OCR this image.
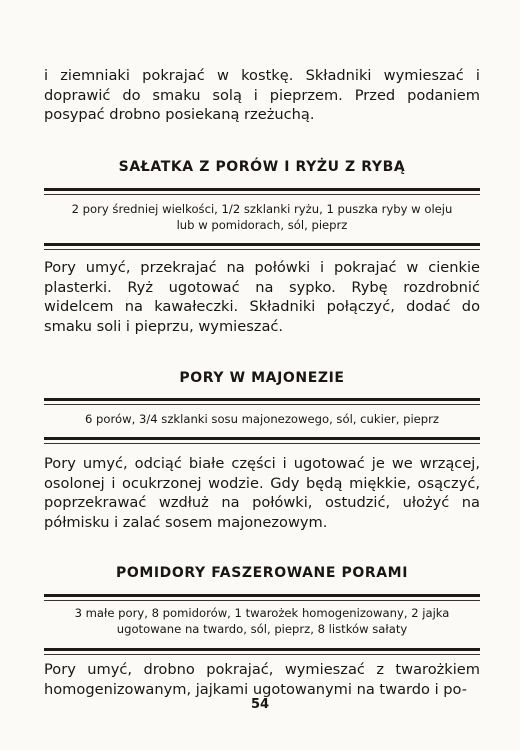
i ziemniaki pokrajać w kostkę. Składniki wymieszać i doprawić do smaku solą i pieprzem. Przed podaniem posypać drobno posiekaną rzeżuchą.

SAŁATKA Z PORÓW I RYŻU Z RYBĄ

2 pory średniej wielkości, 1/2 szklanki ryżu, 1 puszka ryby w oleju

lub w pomidorach, sól, pieprz

Pory umyć, przekrajać na połówki i pokrajać w cienkie plasterki. Ryż ugotować na sypko. Rybę rozdrobnić widelcem na kawałeczki. Składniki połączyć, dodać do smaku soli i pieprzu, wymieszać.

PORY W MAJONEZIE

6 porów, 3/4 szklanki sosu majonezowego, sól, cukier, pieprz

Pory umyć, odciąć białe części i ugotować je we wrzącej, osolonej i ocukrzonej wodzie. Gdy będą miękkie, osączyć, poprzekrawać wzdłuż na połówki, ostudzić, ułożyć na półmisku i zalać sosem majonezowym.

POMIDORY FASZEROWANE PORAMI

3 małe pory, 8 pomidorów, 1 twarożek homogenizowany, 2 jajka

ugotowane na twardo, sól, pieprz, 8 listków sałaty

Pory umyć, drobno pokrajać, wymieszać z twarożkiem homogenizowanym, jajkami ugotowanymi na twardo i po-

54
